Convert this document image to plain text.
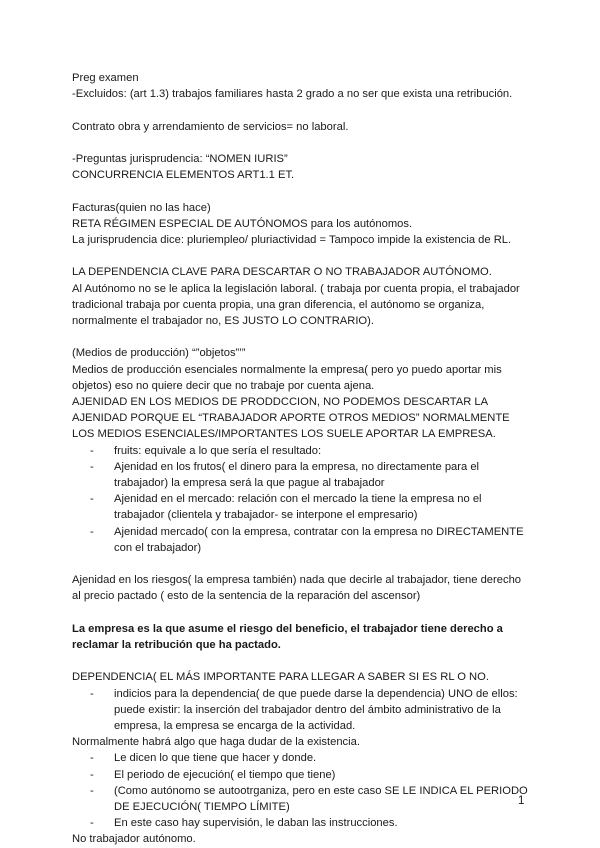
Preg examen
-Excluidos: (art 1.3) trabajos familiares hasta 2 grado a no ser que exista una retribución.
Contrato obra y arrendamiento de servicios= no laboral.
-Preguntas jurisprudencia: “NOMEN IURIS”
CONCURRENCIA ELEMENTOS ART1.1 ET.
Facturas(quien no las hace)
RETA RÉGIMEN ESPECIAL DE AUTÓNOMOS para los autónomos.
La jurisprudencia dice: pluriempleo/ pluriactividad = Tampoco impide la existencia de RL.
LA DEPENDENCIA CLAVE PARA DESCARTAR O NO TRABAJADOR AUTÓNOMO.

Al Autónomo no se le aplica la legislación laboral. ( trabaja por cuenta propia, el trabajador tradicional trabaja por cuenta propia, una gran diferencia, el autónomo se organiza, normalmente el trabajador no, ES JUSTO LO CONTRARIO).

(Medios de producción) “”objetos”’”

Medios de producción esenciales normalmente la empresa( pero yo puedo aportar mis objetos) eso no quiere decir que no trabaje por cuenta ajena.

AJENIDAD EN LOS MEDIOS DE PRODDCCION, NO PODEMOS DESCARTAR LA AJENIDAD PORQUE EL “TRABAJADOR APORTE OTROS MEDIOS” NORMALMENTE LOS MEDIOS ESENCIALES/IMPORTANTES LOS SUELE APORTAR LA EMPRESA.

- fruits: equivale a lo que sería el resultado:
- Ajenidad en los frutos( el dinero para la empresa, no directamente para el trabajador) la empresa será la que pague al trabajador
- Ajenidad en el mercado: relación con el mercado la tiene la empresa no el trabajador (clientela y trabajador- se interpone el empresario)
- Ajenidad mercado( con la empresa, contratar con la empresa no DIRECTAMENTE con el trabajador)

Ajenidad en los riesgos( la empresa también) nada que decirle al trabajador, tiene derecho al precio pactado ( esto de la sentencia de la reparación del ascensor)

La empresa es la que asume el riesgo del beneficio, el trabajador tiene derecho a reclamar la retribución que ha pactado.

DEPENDENCIA( EL MÁS IMPORTANTE PARA LLEGAR A SABER SI ES RL O NO.
- indicios para la dependencia( de que puede darse la dependencia) UNO de ellos: puede existir: la inserción del trabajador dentro del ámbito administrativo de la empresa, la empresa se encarga de la actividad.
Normalmente habrá algo que haga dudar de la existencia.
- Le dicen lo que tiene que hacer y donde.
- El periodo de ejecución( el tiempo que tiene)
- (Como autónomo se autootrganiza, pero en este caso SE LE INDICA EL PERIODO DE EJECUCIÓN( TIEMPO LÍMITE)
- En este caso hay supervisión, le daban las instrucciones.
No trabajador autónomo.
1
